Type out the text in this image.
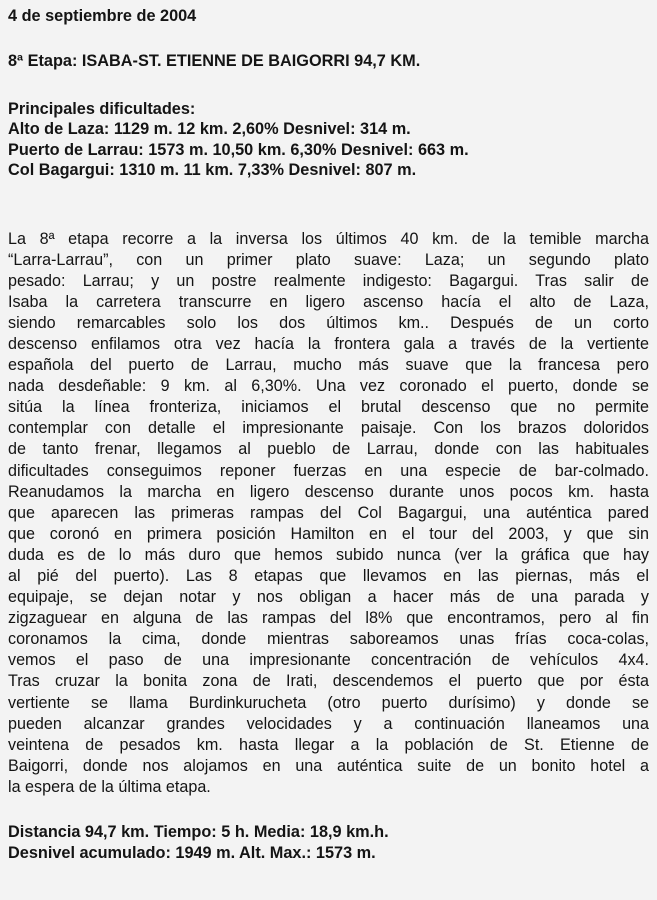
4 de septiembre de 2004
8ª Etapa: ISABA-ST. ETIENNE DE BAIGORRI 94,7 KM.
Principales dificultades:
Alto de Laza: 1129 m. 12 km. 2,60% Desnivel: 314 m.
Puerto de Larrau: 1573 m. 10,50 km. 6,30% Desnivel: 663 m.
Col Bagargui: 1310 m. 11 km. 7,33% Desnivel: 807 m.
La 8ª etapa recorre a la inversa los últimos 40 km. de la temible marcha
“Larra-Larrau”, con un primer plato suave: Laza; un segundo plato
pesado: Larrau; y un postre realmente indigesto: Bagargui. Tras salir de
Isaba la carretera transcurre en ligero ascenso hacía el alto de Laza,
siendo remarcables solo los dos últimos km.. Después de un corto
descenso enfilamos otra vez hacía la frontera gala a través de la vertiente
española del puerto de Larrau, mucho más suave que la francesa pero
nada desdeñable: 9 km. al 6,30%. Una vez coronado el puerto, donde se
sitúa la línea fronteriza, iniciamos el brutal descenso que no permite
contemplar con detalle el impresionante paisaje. Con los brazos doloridos
de tanto frenar, llegamos al pueblo de Larrau, donde con las habituales
dificultades conseguimos reponer fuerzas en una especie de bar-colmado.
Reanudamos la marcha en ligero descenso durante unos pocos km. hasta
que aparecen las primeras rampas del Col Bagargui, una auténtica pared
que coronó en primera posición Hamilton en el tour del 2003, y que sin
duda es de lo más duro que hemos subido nunca (ver la gráfica que hay
al pié del puerto). Las 8 etapas que llevamos en las piernas, más el
equipaje, se dejan notar y nos obligan a hacer más de una parada y
zigzaguear en alguna de las rampas del l8% que encontramos, pero al fin
coronamos la cima, donde mientras saboreamos unas frías coca-colas,
vemos el paso de una impresionante concentración de vehículos 4x4.
Tras cruzar la bonita zona de Irati, descendemos el puerto que por ésta
vertiente se llama Burdinkurucheta (otro puerto durísimo) y donde se
pueden alcanzar grandes velocidades y a continuación llaneamos una
veintena de pesados km. hasta llegar a la población de St. Etienne de
Baigorri, donde nos alojamos en una auténtica suite de un bonito hotel a
la espera de la última etapa.
Distancia 94,7 km. Tiempo: 5 h. Media: 18,9 km.h.
Desnivel acumulado: 1949 m. Alt. Max.: 1573 m.
